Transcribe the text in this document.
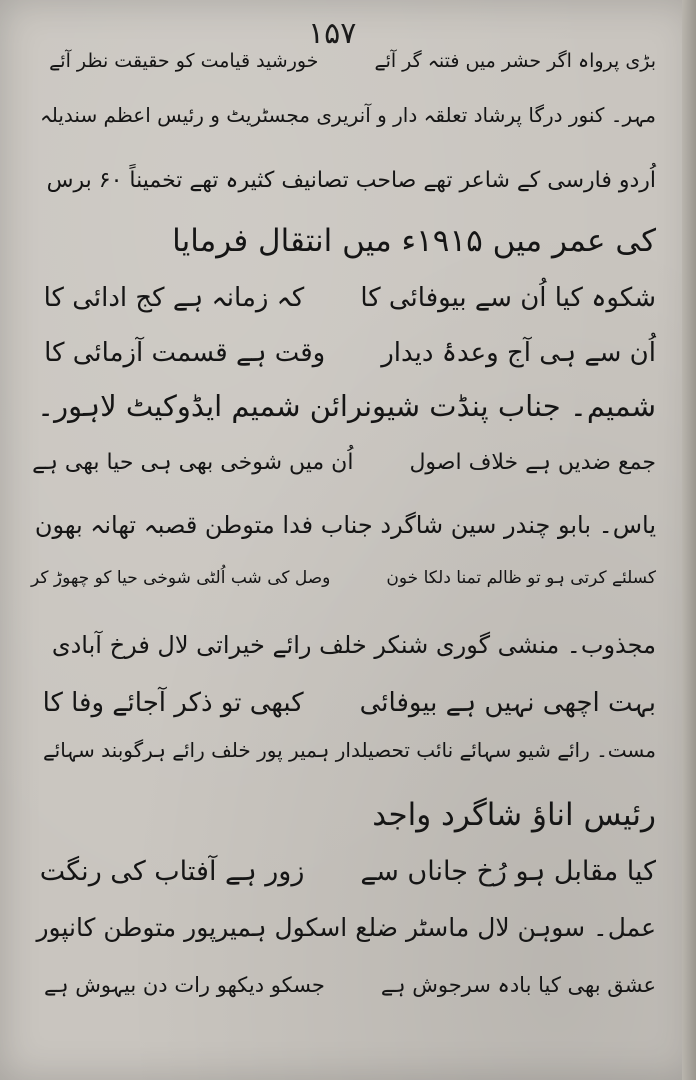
۱۵۷
بڑی پرواہ اگر حشر میں فتنہ گر آئےخورشید قیامت کو حقیقت نظر آئے
مہر۔ کنور درگا پرشاد تعلقہ دار و آنریری مجسٹریٹ و رئیس اعظم سندیلہ
اُردو فارسی کے شاعر تھے صاحب تصانیف کثیرہ تھے تخمیناً ۶۰ برس
کی عمر میں ۱۹۱۵ء میں انتقال فرمایا
شکوہ کیا اُن سے بیوفائی کاکہ زمانہ ہے کج ادائی کا
اُن سے ہی آج وعدۂ دیداروقت ہے قسمت آزمائی کا
شمیم۔ جناب پنڈت شیونرائن شمیم ایڈوکیٹ لاہور۔
جمع ضدیں ہے خلاف اصولاُن میں شوخی بھی ہی حیا بھی ہے
یاس۔ بابو چندر سین شاگرد جناب فدا متوطن قصبہ تھانہ بھون
کسلئے کرتی ہو تو ظالم تمنا دلکا خونوصل کی شب اُلٹی شوخی حیا کو چھوڑ کر
مجذوب۔ منشی گوری شنکر خلف رائے خیراتی لال فرخ آبادی
بہت اچھی نہیں ہے بیوفائیکبھی تو ذکر آجائے وفا کا
مست۔ رائے شیو سہائے نائب تحصیلدار ہمیر پور خلف رائے ہرگوبند سہائے
رئیس اناؤ شاگرد واجد
کیا مقابل ہو رُخ جاناں سےزور ہے آفتاب کی رنگت
عمل۔ سوہن لال ماسٹر ضلع اسکول ہمیرپور متوطن کانپور
عشق بھی کیا بادہ سرجوش ہےجسکو دیکھو رات دن بیہوش ہے
